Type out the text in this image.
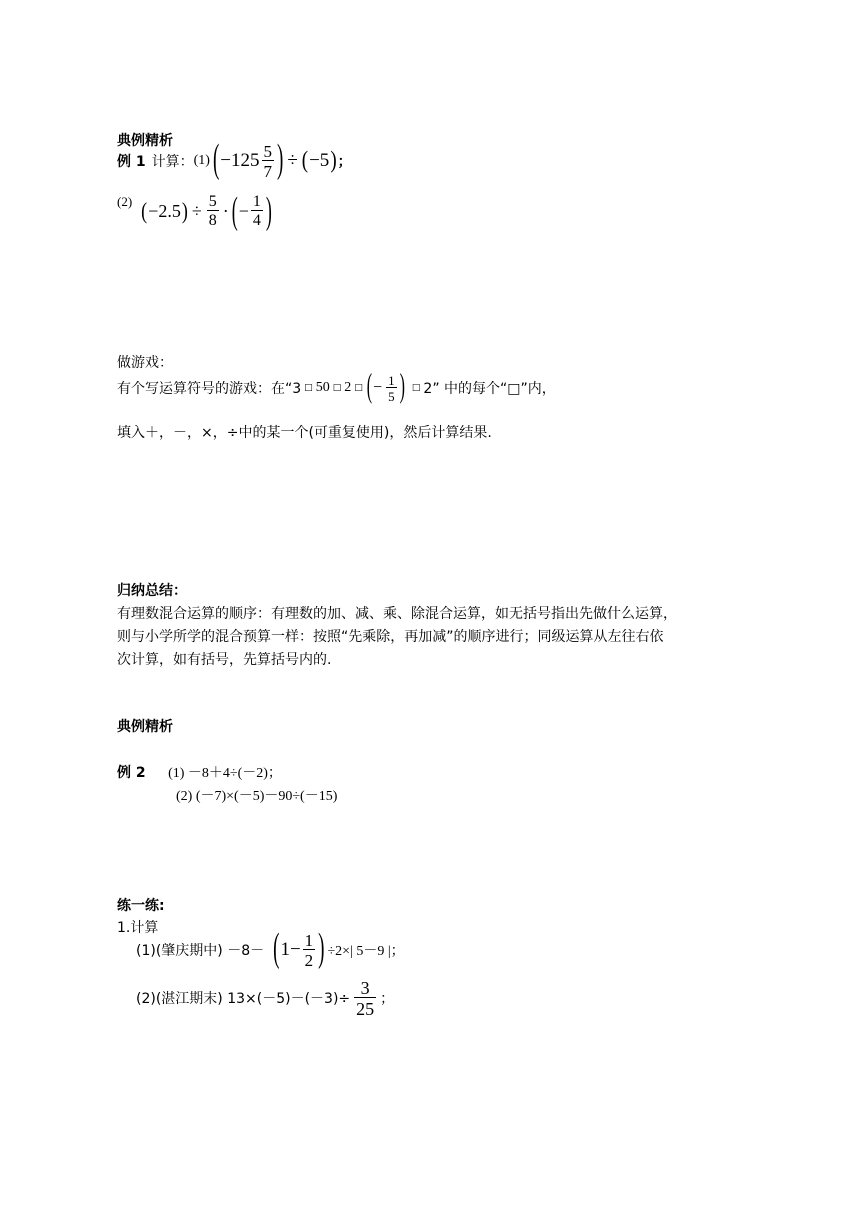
典例精析
例 1 计算： (1) ( $-125 \frac{5}{7}$ ) ÷ ( −5 ) ；
(2) ( −2.5 ) ÷ $\frac{5}{8}$ · ( − $\frac{1}{4}$ )
做游戏：
有个写运算符号的游戏：在“3 □ 50 □ 2 □ ( − $\frac{1}{5}$ ) □ 2” 中的每个“□”内，
填入＋，－，×，÷中的某一个(可重复使用)，然后计算结果.
归纳总结：
有理数混合运算的顺序：有理数的加、减、乘、除混合运算，如无括号指出先做什么运算，
则与小学所学的混合预算一样：按照“先乘除，再加减”的顺序进行；同级运算从左往右依
次计算，如有括号，先算括号内的.
典例精析
例 2 (1) －8＋4÷(－2)；
(2) (－7)×(－5)－90÷(－15)
练一练:
1.计算
(1)(肇庆期中) －8－ ( $1- \frac{1}{2}$ ) ÷2×| 5－9 |；
(2)(湛江期末) $13\times(-5)-(-3)\div \frac{3}{25}$ ；
